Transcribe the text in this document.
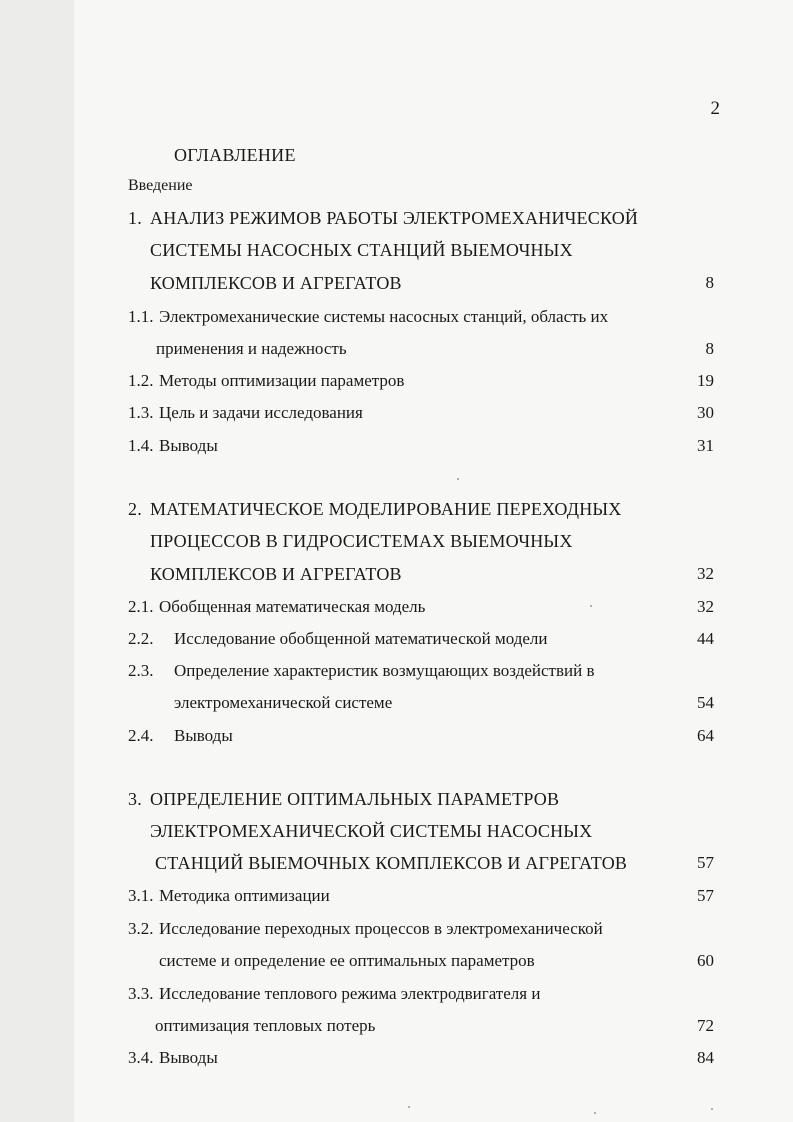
2
ОГЛАВЛЕНИЕ
Введение
1. АНАЛИЗ РЕЖИМОВ РАБОТЫ ЭЛЕКТРОМЕХАНИЧЕСКОЙ
СИСТЕМЫ НАСОСНЫХ СТАНЦИЙ ВЫЕМОЧНЫХ
КОМПЛЕКСОВ И АГРЕГАТОВ	8
1.1. Электромеханические системы насосных станций, область их
применения и надежность	8
1.2. Методы оптимизации параметров	19
1.3. Цель и задачи исследования	30
1.4. Выводы	31
2. МАТЕМАТИЧЕСКОЕ МОДЕЛИРОВАНИЕ ПЕРЕХОДНЫХ
ПРОЦЕССОВ В ГИДРОСИСТЕМАХ ВЫЕМОЧНЫХ
КОМПЛЕКСОВ И АГРЕГАТОВ	32
2.1. Обобщенная математическая модель	32
2.2. Исследование обобщенной математической модели	44
2.3. Определение характеристик возмущающих воздействий в
электромеханической системе	54
2.4. Выводы	64
3. ОПРЕДЕЛЕНИЕ ОПТИМАЛЬНЫХ ПАРАМЕТРОВ
ЭЛЕКТРОМЕХАНИЧЕСКОЙ СИСТЕМЫ НАСОСНЫХ
СТАНЦИЙ ВЫЕМОЧНЫХ КОМПЛЕКСОВ И АГРЕГАТОВ	57
3.1. Методика оптимизации	57
3.2. Исследование переходных процессов в электромеханической
системе и определение ее оптимальных параметров	60
3.3. Исследование теплового режима электродвигателя и
оптимизация тепловых потерь	72
3.4. Выводы	84
